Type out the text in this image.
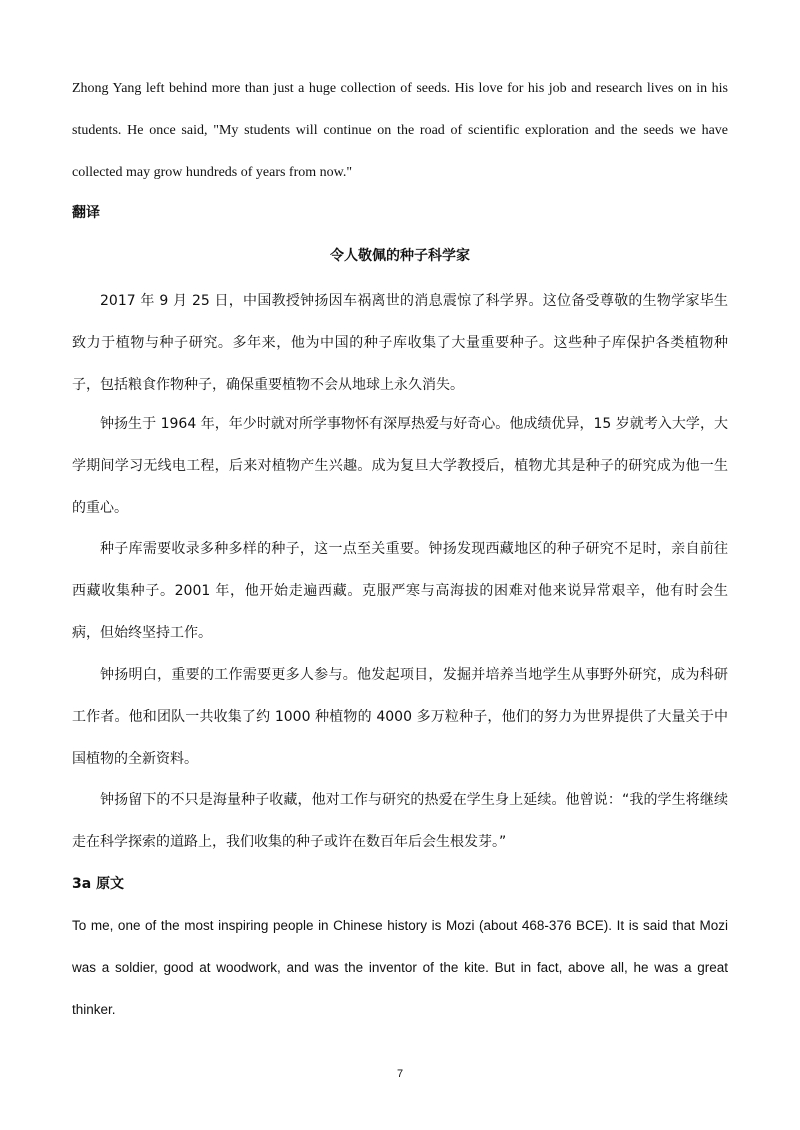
Zhong Yang left behind more than just a huge collection of seeds. His love for his job and research lives on in his students. He once said, "My students will continue on the road of scientific exploration and the seeds we have collected may grow hundreds of years from now."

翻译

令人敬佩的种子科学家

2017 年 9 月 25 日，中国教授钟扬因车祸离世的消息震惊了科学界。这位备受尊敬的生物学家毕生致力于植物与种子研究。多年来，他为中国的种子库收集了大量重要种子。这些种子库保护各类植物种子，包括粮食作物种子，确保重要植物不会从地球上永久消失。

钟扬生于 1964 年，年少时就对所学事物怀有深厚热爱与好奇心。他成绩优异，15 岁就考入大学，大学期间学习无线电工程，后来对植物产生兴趣。成为复旦大学教授后，植物尤其是种子的研究成为他一生的重心。

种子库需要收录多种多样的种子，这一点至关重要。钟扬发现西藏地区的种子研究不足时，亲自前往西藏收集种子。2001 年，他开始走遍西藏。克服严寒与高海拔的困难对他来说异常艰辛，他有时会生病，但始终坚持工作。

钟扬明白，重要的工作需要更多人参与。他发起项目，发掘并培养当地学生从事野外研究，成为科研工作者。他和团队一共收集了约 1000 种植物的 4000 多万粒种子，他们的努力为世界提供了大量关于中国植物的全新资料。

钟扬留下的不只是海量种子收藏，他对工作与研究的热爱在学生身上延续。他曾说：“我的学生将继续走在科学探索的道路上，我们收集的种子或许在数百年后会生根发芽。”

3a 原文

To me, one of the most inspiring people in Chinese history is Mozi (about 468-376 BCE). It is said that Mozi was a soldier, good at woodwork, and was the inventor of the kite. But in fact, above all, he was a great thinker.

7
